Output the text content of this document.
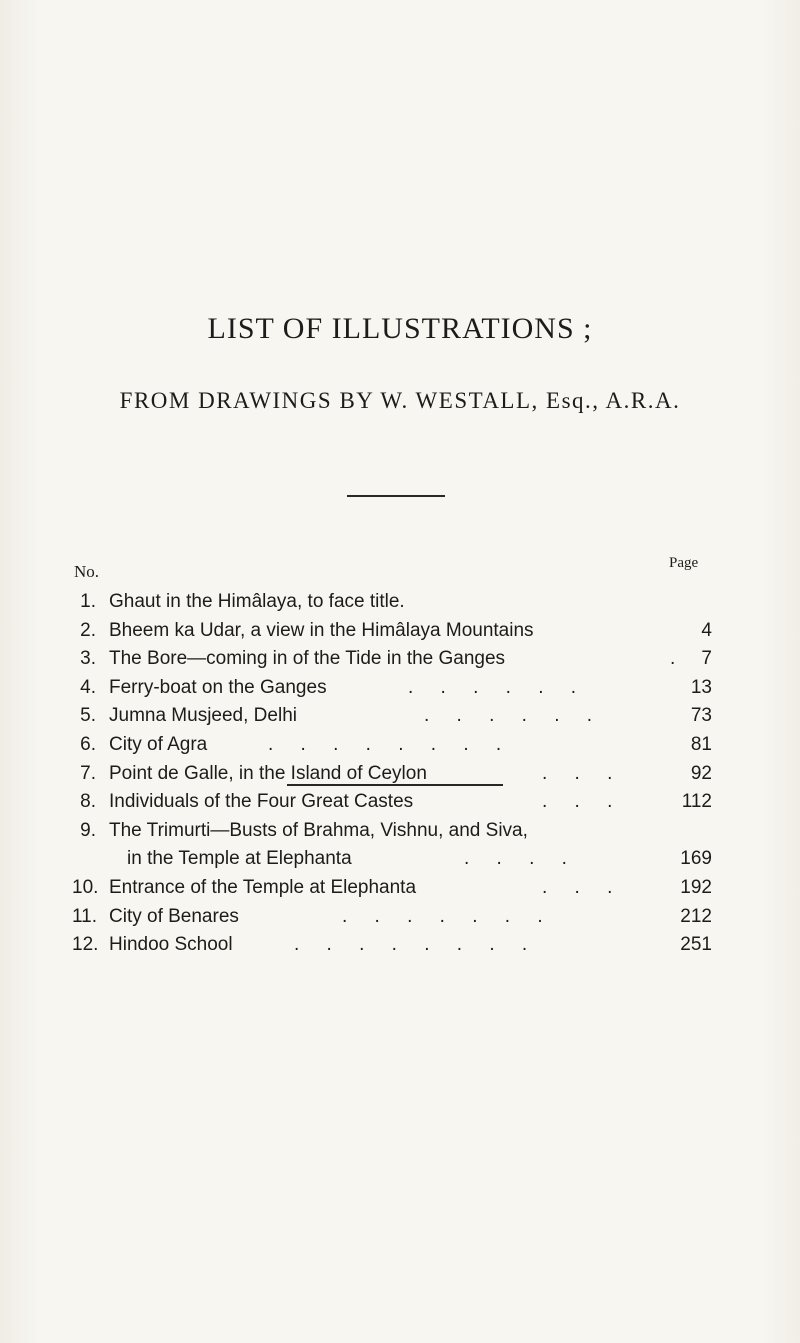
LIST OF ILLUSTRATIONS ;
FROM DRAWINGS BY W. WESTALL, Esq., A.R.A.
No.	Page
1. Ghaut in the Himâlaya, to face title.
2. Bheem ka Udar, a view in the Himâlaya Mountains	4
3. The Bore—coming in of the Tide in the Ganges	. 7
4. Ferry-boat on the Ganges	. . . . . .	13
5. Jumna Musjeed, Delhi	. . . . . .	73
6. City of Agra	. . . . . . . .	81
7. Point de Galle, in the Island of Ceylon	. . .	92
8. Individuals of the Four Great Castes	. . .	112
9. The Trimurti—Busts of Brahma, Vishnu, and Siva,
in the Temple at Elephanta	. . . .	169
10. Entrance of the Temple at Elephanta	. . .	192
11. City of Benares	. . . . . . .	212
12. Hindoo School	. . . . . . . .	251
